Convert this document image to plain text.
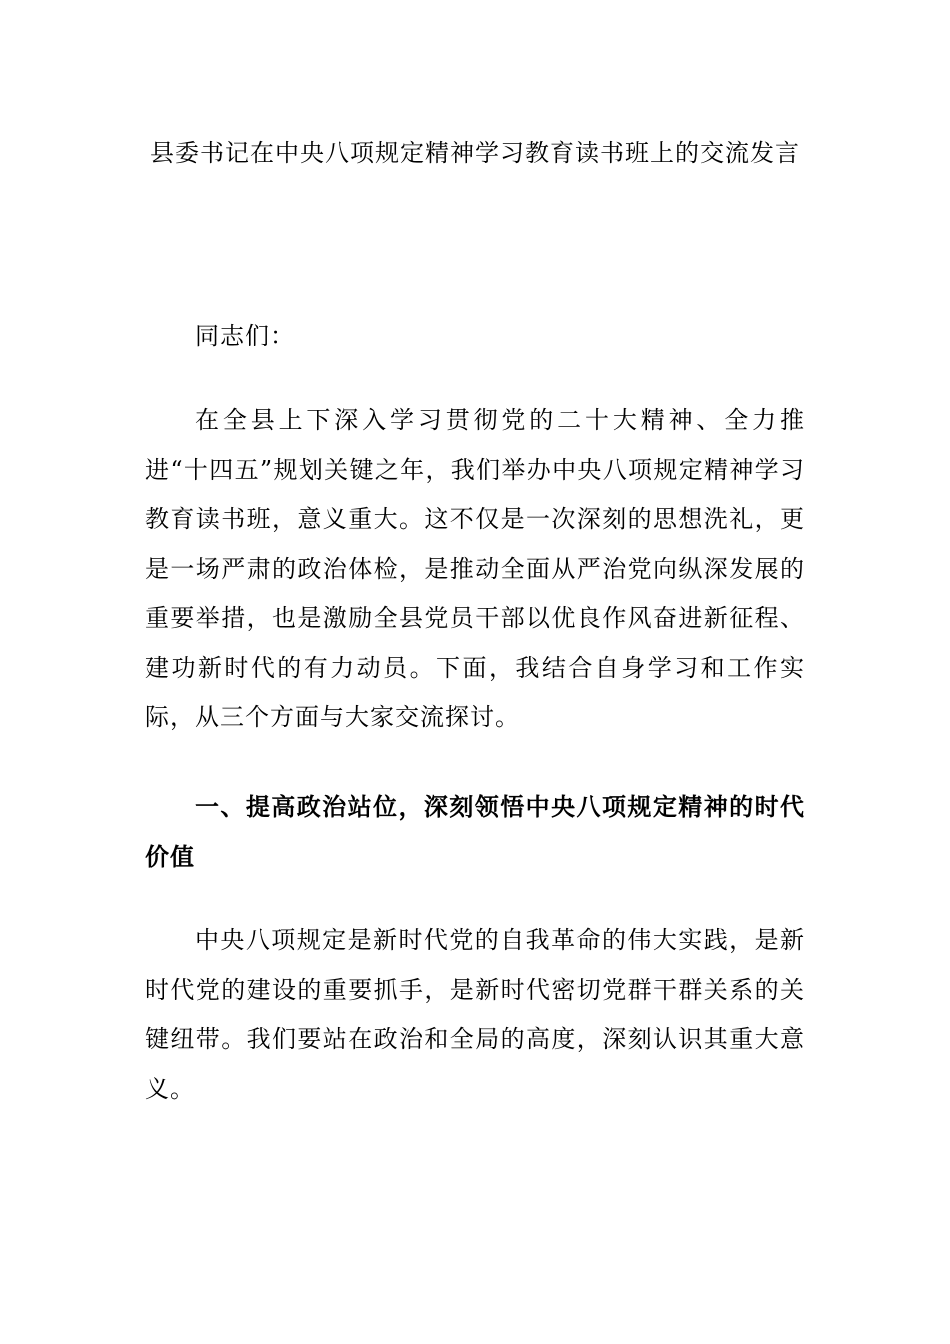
县委书记在中央八项规定精神学习教育读书班上的交流发言
同志们：
在全县上下深入学习贯彻党的二十大精神、全力推进“十四五”规划关键之年，我们举办中央八项规定精神学习教育读书班，意义重大。这不仅是一次深刻的思想洗礼，更是一场严肃的政治体检，是推动全面从严治党向纵深发展的重要举措，也是激励全县党员干部以优良作风奋进新征程、建功新时代的有力动员。下面，我结合自身学习和工作实际，从三个方面与大家交流探讨。
一、提高政治站位，深刻领悟中央八项规定精神的时代价值
中央八项规定是新时代党的自我革命的伟大实践，是新时代党的建设的重要抓手，是新时代密切党群干群关系的关键纽带。我们要站在政治和全局的高度，深刻认识其重大意义。
